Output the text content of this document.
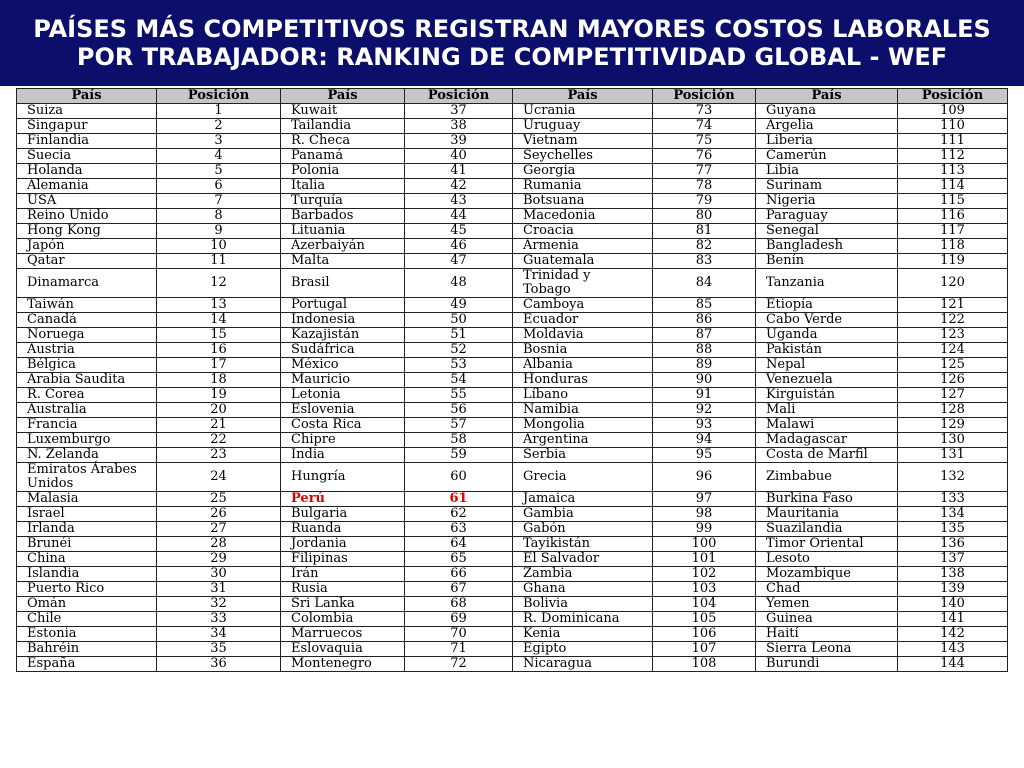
PAÍSES MÁS COMPETITIVOS REGISTRAN MAYORES COSTOS LABORALES POR TRABAJADOR: RANKING DE COMPETITIVIDAD GLOBAL - WEF
País	Posición	País	Posición	País	Posición	País	Posición
Suiza	1	Kuwait	37	Ucrania	73	Guyana	109
Singapur	2	Tailandia	38	Uruguay	74	Argelia	110
Finlandia	3	R. Checa	39	Vietnam	75	Liberia	111
Suecia	4	Panamá	40	Seychelles	76	Camerún	112
Holanda	5	Polonia	41	Georgia	77	Libia	113
Alemania	6	Italia	42	Rumania	78	Surinam	114
USA	7	Turquía	43	Botsuana	79	Nigeria	115
Reino Unido	8	Barbados	44	Macedonia	80	Paraguay	116
Hong Kong	9	Lituania	45	Croacia	81	Senegal	117
Japón	10	Azerbaiyán	46	Armenia	82	Bangladesh	118
Qatar	11	Malta	47	Guatemala	83	Benín	119
Dinamarca	12	Brasil	48	Trinidad y Tobago	84	Tanzania	120
Taiwán	13	Portugal	49	Camboya	85	Etiopía	121
Canadá	14	Indonesia	50	Ecuador	86	Cabo Verde	122
Noruega	15	Kazajistán	51	Moldavia	87	Uganda	123
Austria	16	Sudáfrica	52	Bosnia	88	Pakistán	124
Bélgica	17	México	53	Albania	89	Nepal	125
Arabia Saudita	18	Mauricio	54	Honduras	90	Venezuela	126
R. Corea	19	Letonia	55	Líbano	91	Kirguistán	127
Australia	20	Eslovenia	56	Namibia	92	Mali	128
Francia	21	Costa Rica	57	Mongolia	93	Malawi	129
Luxemburgo	22	Chipre	58	Argentina	94	Madagascar	130
N. Zelanda	23	India	59	Serbia	95	Costa de Marfil	131
Emiratos Árabes Unidos	24	Hungría	60	Grecia	96	Zimbabue	132
Malasia	25	Perú	61	Jamaica	97	Burkina Faso	133
Israel	26	Bulgaria	62	Gambia	98	Mauritania	134
Irlanda	27	Ruanda	63	Gabón	99	Suazilandia	135
Brunéi	28	Jordania	64	Tayikistán	100	Timor Oriental	136
China	29	Filipinas	65	El Salvador	101	Lesoto	137
Islandia	30	Irán	66	Zambia	102	Mozambique	138
Puerto Rico	31	Rusia	67	Ghana	103	Chad	139
Omán	32	Sri Lanka	68	Bolivia	104	Yemen	140
Chile	33	Colombia	69	R. Dominicana	105	Guinea	141
Estonia	34	Marruecos	70	Kenia	106	Haití	142
Bahréin	35	Eslovaquia	71	Egipto	107	Sierra Leona	143
España	36	Montenegro	72	Nicaragua	108	Burundi	144
